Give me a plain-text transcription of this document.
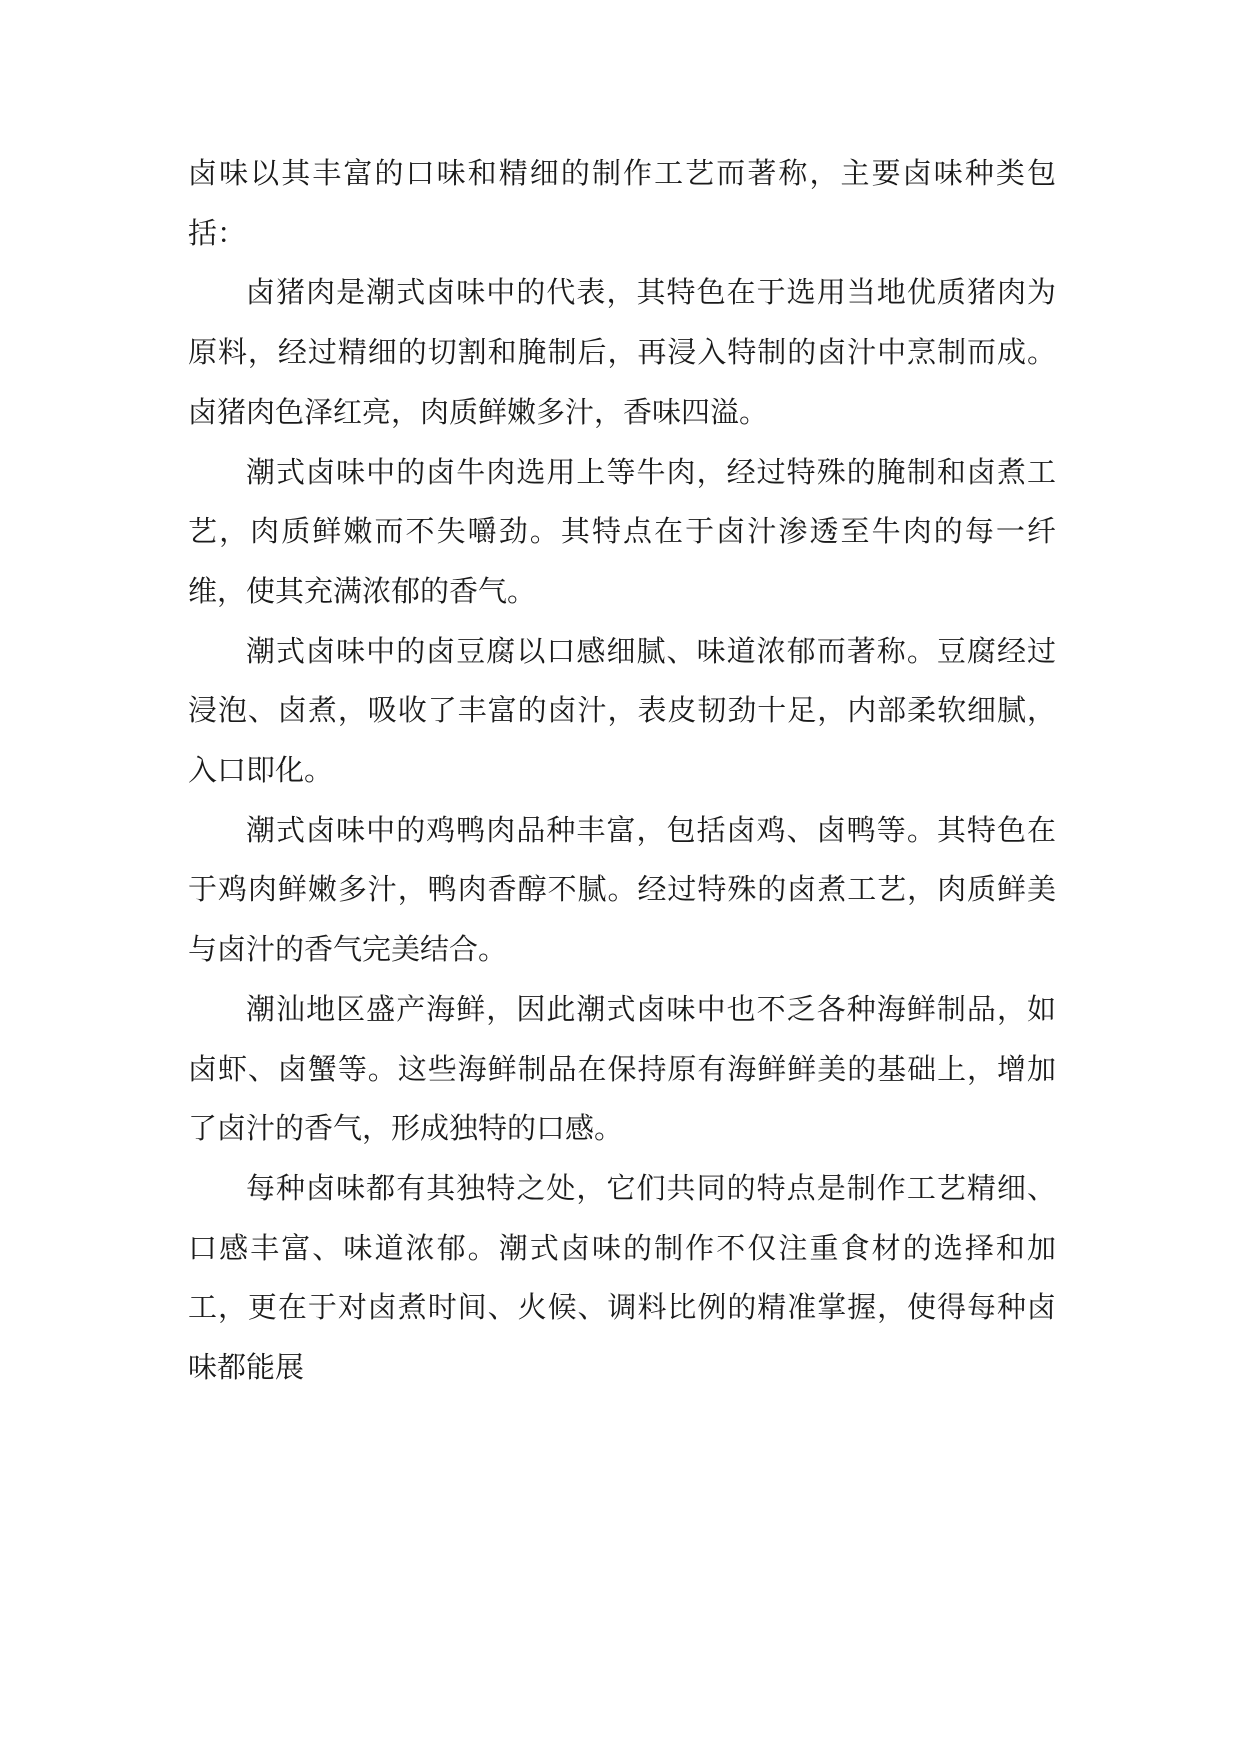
卤味以其丰富的口味和精细的制作工艺而著称，主要卤味种类包括：

卤猪肉是潮式卤味中的代表，其特色在于选用当地优质猪肉为原料，经过精细的切割和腌制后，再浸入特制的卤汁中烹制而成。卤猪肉色泽红亮，肉质鲜嫩多汁，香味四溢。

潮式卤味中的卤牛肉选用上等牛肉，经过特殊的腌制和卤煮工艺，肉质鲜嫩而不失嚼劲。其特点在于卤汁渗透至牛肉的每一纤维，使其充满浓郁的香气。

潮式卤味中的卤豆腐以口感细腻、味道浓郁而著称。豆腐经过浸泡、卤煮，吸收了丰富的卤汁，表皮韧劲十足，内部柔软细腻，入口即化。

潮式卤味中的鸡鸭肉品种丰富，包括卤鸡、卤鸭等。其特色在于鸡肉鲜嫩多汁，鸭肉香醇不腻。经过特殊的卤煮工艺，肉质鲜美与卤汁的香气完美结合。

潮汕地区盛产海鲜，因此潮式卤味中也不乏各种海鲜制品，如卤虾、卤蟹等。这些海鲜制品在保持原有海鲜鲜美的基础上，增加了卤汁的香气，形成独特的口感。

每种卤味都有其独特之处，它们共同的特点是制作工艺精细、口感丰富、味道浓郁。潮式卤味的制作不仅注重食材的选择和加工，更在于对卤煮时间、火候、调料比例的精准掌握，使得每种卤味都能展
